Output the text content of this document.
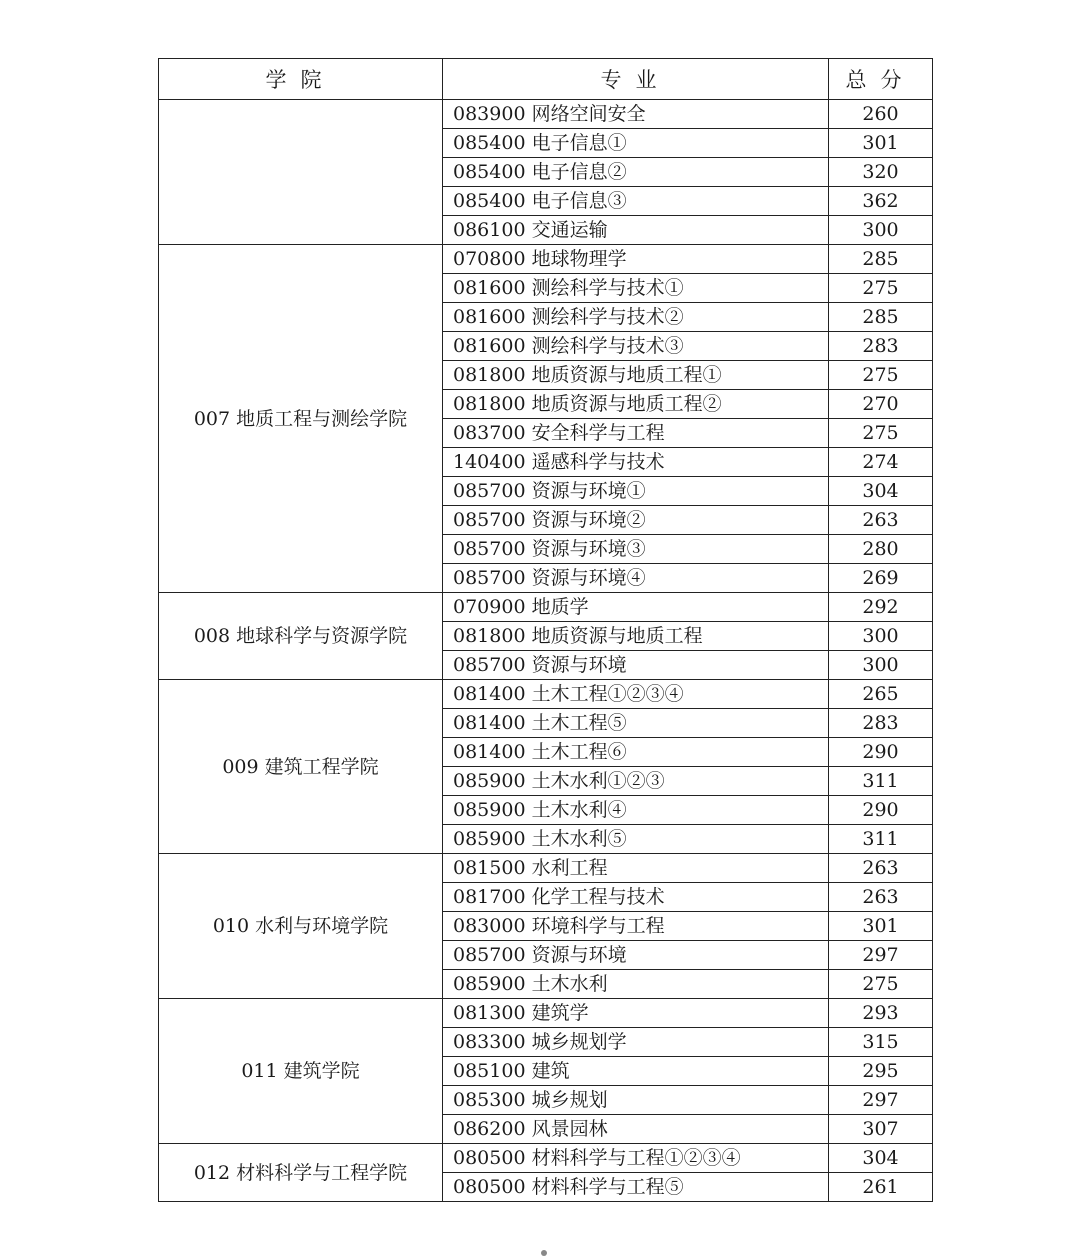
学院	专业	总分
	083900 网络空间安全	260
	085400 电子信息①	301
	085400 电子信息②	320
	085400 电子信息③	362
	086100 交通运输	300
007 地质工程与测绘学院	070800 地球物理学	285
	081600 测绘科学与技术①	275
	081600 测绘科学与技术②	285
	081600 测绘科学与技术③	283
	081800 地质资源与地质工程①	275
	081800 地质资源与地质工程②	270
	083700 安全科学与工程	275
	140400 遥感科学与技术	274
	085700 资源与环境①	304
	085700 资源与环境②	263
	085700 资源与环境③	280
	085700 资源与环境④	269
008 地球科学与资源学院	070900 地质学	292
	081800 地质资源与地质工程	300
	085700 资源与环境	300
009 建筑工程学院	081400 土木工程①②③④	265
	081400 土木工程⑤	283
	081400 土木工程⑥	290
	085900 土木水利①②③	311
	085900 土木水利④	290
	085900 土木水利⑤	311
010 水利与环境学院	081500 水利工程	263
	081700 化学工程与技术	263
	083000 环境科学与工程	301
	085700 资源与环境	297
	085900 土木水利	275
011 建筑学院	081300 建筑学	293
	083300 城乡规划学	315
	085100 建筑	295
	085300 城乡规划	297
	086200 风景园林	307
012 材料科学与工程学院	080500 材料科学与工程①②③④	304
	080500 材料科学与工程⑤	261
